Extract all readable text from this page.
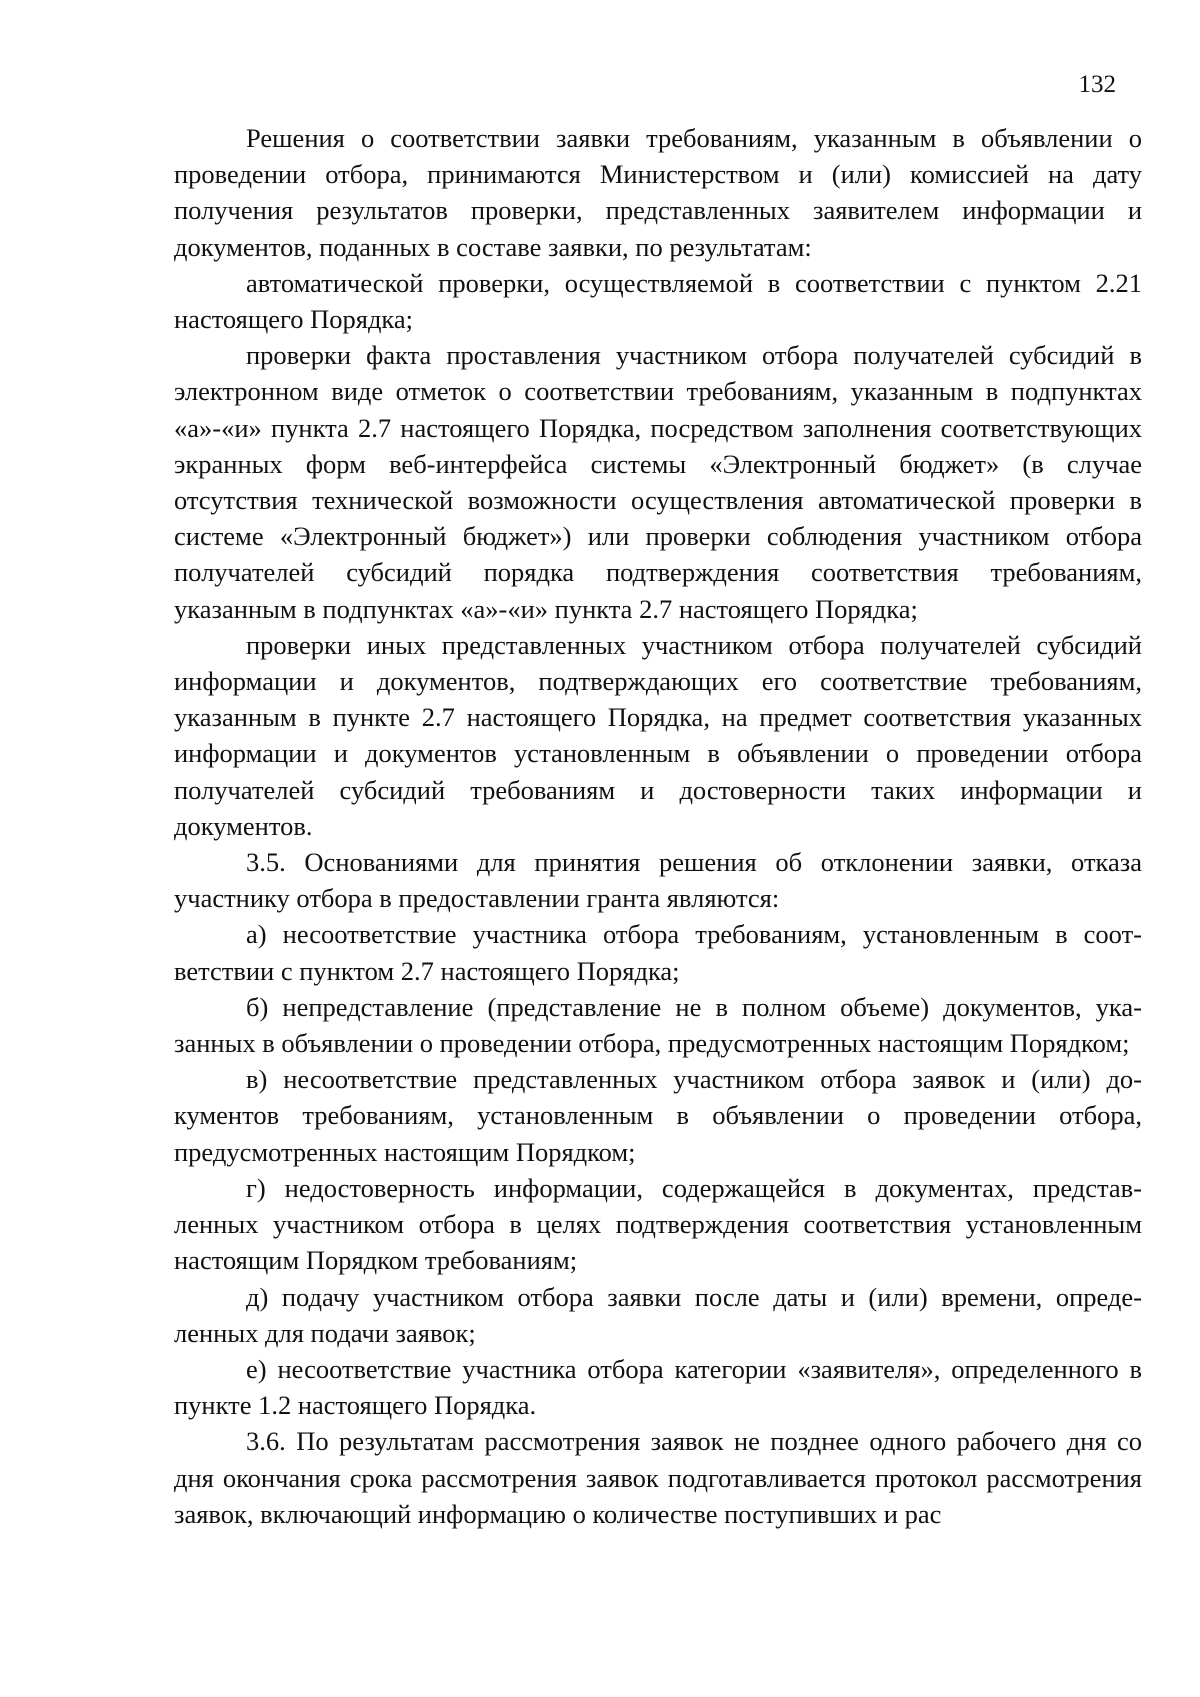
132

Решения о соответствии заявки требованиям, указанным в объявлении о проведении отбора, принимаются Министерством и (или) комиссией на дату получения результатов проверки, представленных заявителем информации и документов, поданных в составе заявки, по результатам:

автоматической проверки, осуществляемой в соответствии с пунктом 2.21 настоящего Порядка;

проверки факта проставления участником отбора получателей субсидий в электронном виде отметок о соответствии требованиям, указанным в подпунктах «а»-«и» пункта 2.7 настоящего Порядка, посредством заполнения соответствующих экранных форм веб-интерфейса системы «Электронный бюджет» (в случае отсутствия технической возможности осуществления автоматической проверки в системе «Электронный бюджет») или проверки соблюдения участником отбора получателей субсидий порядка подтверждения соответствия требованиям, указанным в подпунктах «а»-«и» пункта 2.7 настоящего Порядка;

проверки иных представленных участником отбора получателей субсидий информации и документов, подтверждающих его соответствие требованиям, указанным в пункте 2.7 настоящего Порядка, на предмет соответствия указанных информации и документов установленным в объявлении о проведении отбора получателей субсидий требованиям и достоверности таких информации и документов.

3.5. Основаниями для принятия решения об отклонении заявки, отказа участнику отбора в предоставлении гранта являются:

а) несоответствие участника отбора требованиям, установленным в соответствии с пунктом 2.7 настоящего Порядка;

б) непредставление (представление не в полном объеме) документов, указанных в объявлении о проведении отбора, предусмотренных настоящим Порядком;

в) несоответствие представленных участником отбора заявок и (или) документов требованиям, установленным в объявлении о проведении отбора, предусмотренных настоящим Порядком;

г) недостоверность информации, содержащейся в документах, представленных участником отбора в целях подтверждения соответствия установленным настоящим Порядком требованиям;

д) подачу участником отбора заявки после даты и (или) времени, определенных для подачи заявок;

е) несоответствие участника отбора категории «заявителя», определенного в пункте 1.2 настоящего Порядка.

3.6. По результатам рассмотрения заявок не позднее одного рабочего дня со дня окончания срока рассмотрения заявок подготавливается протокол рассмотрения заявок, включающий информацию о количестве поступивших и рас
